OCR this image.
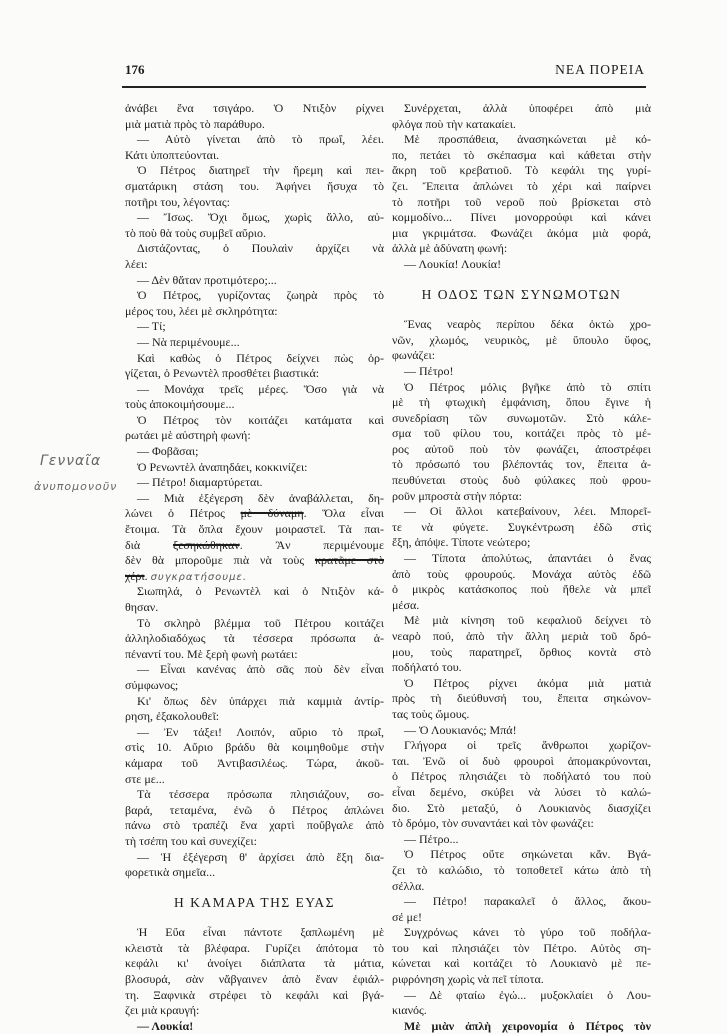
176	ΝΕΑ ΠΟΡΕΙΑ
Γενναῖα
ἀνυπομονοῦν
ἀνάβει ἕνα τσιγάρο. Ὁ Ντιξὸν ρίχνει
μιὰ ματιὰ πρὸς τὸ παράθυρο.
— Αὐτὸ γίνεται ἀπὸ τὸ πρωΐ, λέει.
Κάτι ὑποπτεύονται.
Ὁ Πέτρος διατηρεῖ τὴν ἤρεμη καὶ πει-
σματάρικη στάση του. Ἀφήνει ἥσυχα τὸ
ποτῆρι του, λέγοντας:
— Ἴσως. Ὄχι ὅμως, χωρὶς ἄλλο, αὐ-
τὸ ποὺ θὰ τοὺς συμβεῖ αὔριο.
Διστάζοντας, ὁ Πουλαὶν ἀρχίζει νὰ
λέει:
— Δὲν θἄταν προτιμότερο;...
Ὁ Πέτρος, γυρίζοντας ζωηρὰ πρὸς τὸ
μέρος του, λέει μὲ σκληρότητα:
— Τί;
— Νὰ περιμένουμε...
Καὶ καθὼς ὁ Πέτρος δείχνει πὼς ὀρ-
γίζεται, ὁ Ρενωντὲλ προσθέτει βιαστικά:
— Μονάχα τρεῖς μέρες. Ὅσο γιὰ νὰ
τοὺς ἀποκοιμήσουμε...
Ὁ Πέτρος τὸν κοιτάζει κατάματα καὶ
ρωτάει μὲ αὐστηρὴ φωνή:
— Φοβᾶσαι;
Ὁ Ρενωντὲλ ἀναπηδάει, κοκκινίζει:
— Πέτρο! διαμαρτύρεται.
— Μιὰ ἐξέγερση δὲν ἀναβάλλεται, δη-
λώνει ὁ Πέτρος μὲ δύναμη. Ὅλα εἶναι
ἕτοιμα. Τὰ ὅπλα ἔχουν μοιραστεῖ. Τὰ παι-
διὰ ξεσηκώθηκαν. Ἂν περιμένουμε
δὲν θὰ μποροῦμε πιὰ νὰ τοὺς κρατᾶμε στὸ
χέρι. συγκρατήσουμε.
Σιωπηλά, ὁ Ρενωντὲλ καὶ ὁ Ντιξὸν κά-
θησαν.
Τὸ σκληρὸ βλέμμα τοῦ Πέτρου κοιτάζει
ἀλληλοδιαδόχως τὰ τέσσερα πρόσωπα ἀ-
πέναντί του. Μὲ ξερὴ φωνὴ ρωτάει:
— Εἶναι κανένας ἀπὸ σᾶς ποὺ δὲν εἶναι
σύμφωνος;
Κι' ὅπως δὲν ὑπάρχει πιὰ καμμιὰ ἀντίρ-
ρηση, ἐξακολουθεῖ:
— Ἐν τάξει! Λοιπόν, αὔριο τὸ πρωΐ,
στὶς 10. Αὔριο βράδυ θὰ κοιμηθοῦμε στὴν
κάμαρα τοῦ Ἀντιβασιλέως. Τώρα, ἀκοῦ-
στε με...
Τὰ τέσσερα πρόσωπα πλησιάζουν, σο-
βαρά, τεταμένα, ἐνῶ ὁ Πέτρος ἁπλώνει
πάνω στὸ τραπέζι ἕνα χαρτὶ ποὔβγαλε ἀπὸ
τὴ τσέπη του καὶ συνεχίζει:
— Ἡ ἐξέγερση θ' ἀρχίσει ἀπὸ ἔξη δια-
φορετικὰ σημεῖα...
Η ΚΑΜΑΡΑ ΤΗΣ ΕΥΑΣ
Ἡ Εὔα εἶναι πάντοτε ξαπλωμένη μὲ
κλειστὰ τὰ βλέφαρα. Γυρίζει ἀπότομα τὸ
κεφάλι κι' ἀνοίγει διάπλατα τὰ μάτια,
βλοσυρά, σὰν νἄβγαινεν ἀπὸ ἕναν ἐφιάλ-
τη. Ξαφνικὰ στρέφει τὸ κεφάλι καὶ βγά-
ζει μιὰ κραυγή:
— Λουκία!
Συνέρχεται, ἀλλὰ ὑποφέρει ἀπὸ μιὰ
φλόγα ποὺ τὴν κατακαίει.
Μὲ προσπάθεια, ἀνασηκώνεται μὲ κό-
πο, πετάει τὸ σκέπασμα καὶ κάθεται στὴν
ἄκρη τοῦ κρεβατιοῦ. Τὸ κεφάλι της γυρί-
ζει. Ἔπειτα ἁπλώνει τὸ χέρι καὶ παίρνει
τὸ ποτῆρι τοῦ νεροῦ ποὺ βρίσκεται στὸ
κομμοδίνο... Πίνει μονορρούφι καὶ κάνει
μια γκριμάτσα. Φωνάζει ἀκόμα μιὰ φορά,
ἀλλὰ μὲ ἀδύνατη φωνή:
— Λουκία! Λουκία!
Η ΟΔΟΣ ΤΩΝ ΣΥΝΩΜΟΤΩΝ
Ἕνας νεαρὸς περίπου δέκα ὀκτὼ χρο-
νῶν, χλωμός, νευρικὸς, μὲ ὕπουλο ὕφος,
φωνάζει:
— Πέτρο!
Ὁ Πέτρος μόλις βγῆκε ἀπὸ τὸ σπίτι
μὲ τὴ φτωχικὴ ἐμφάνιση, ὅπου ἔγινε ἡ
συνεδρίαση τῶν συνωμοτῶν. Στὸ κάλε-
σμα τοῦ φίλου του, κοιτάζει πρὸς τὸ μέ-
ρος αὐτοῦ ποὺ τὸν φωνάζει, ἀποστρέφει
τὸ πρόσωπό του βλέποντάς τον, ἔπειτα ἀ-
πευθύνεται στοὺς δυὸ φύλακες ποὺ φρου-
ροῦν μπροστὰ στὴν πόρτα:
— Οἱ ἄλλοι κατεβαίνουν, λέει. Μπορεῖ-
τε νὰ φύγετε. Συγκέντρωση ἐδῶ στὶς
ἔξη, ἀπόψε. Τίποτε νεώτερο;
— Τίποτα ἀπολύτως, ἀπαντάει ὁ ἕνας
ἀπὸ τοὺς φρουρούς. Μονάχα αὐτὸς ἐδῶ
ὁ μικρὸς κατάσκοπος ποὺ ἤθελε νὰ μπεῖ
μέσα.
Μὲ μιὰ κίνηση τοῦ κεφαλιοῦ δείχνει τὸ
νεαρὸ πού, ἀπὸ τὴν ἄλλη μεριὰ τοῦ δρό-
μου, τοὺς παρατηρεῖ, ὄρθιος κοντὰ στὸ
ποδήλατό του.
Ὁ Πέτρος ρίχνει ἀκόμα μιὰ ματιὰ
πρὸς τὴ διεύθυνσή του, ἔπειτα σηκώνον-
τας τοὺς ὤμους.
— Ὁ Λουκιανός; Μπά!
Γλήγορα οἱ τρεῖς ἄνθρωποι χωρίζον-
ται. Ἐνῶ οἱ δυὸ φρουροὶ ἀπομακρύνονται,
ὁ Πέτρος πλησιάζει τὸ ποδήλατό του ποὺ
εἶναι δεμένο, σκύβει νὰ λύσει τὸ καλώ-
διο. Στὸ μεταξύ, ὁ Λουκιανὸς διασχίζει
τὸ δρόμο, τὸν συναντάει καὶ τὸν φωνάζει:
— Πέτρο...
Ὁ Πέτρος οὔτε σηκώνεται κἄν. Βγά-
ζει τὸ καλώδιο, τὸ τοποθετεῖ κάτω ἀπὸ τὴ
σέλλα.
— Πέτρο! παρακαλεῖ ὁ ἄλλος, ἄκου-
σέ με!
Συγχρόνως κάνει τὸ γύρο τοῦ ποδήλα-
του καὶ πλησιάζει τὸν Πέτρο. Αὐτὸς ση-
κώνεται καὶ κοιτάζει τὸ Λουκιανὸ μὲ πε-
ριφρόνηση χωρὶς νὰ πεῖ τίποτα.
— Δὲ φταίω ἐγώ... μυξοκλαίει ὁ Λου-
κιανός.
Μὲ μιὰν ἁπλὴ χειρονομία ὁ Πέτρος τὸν
